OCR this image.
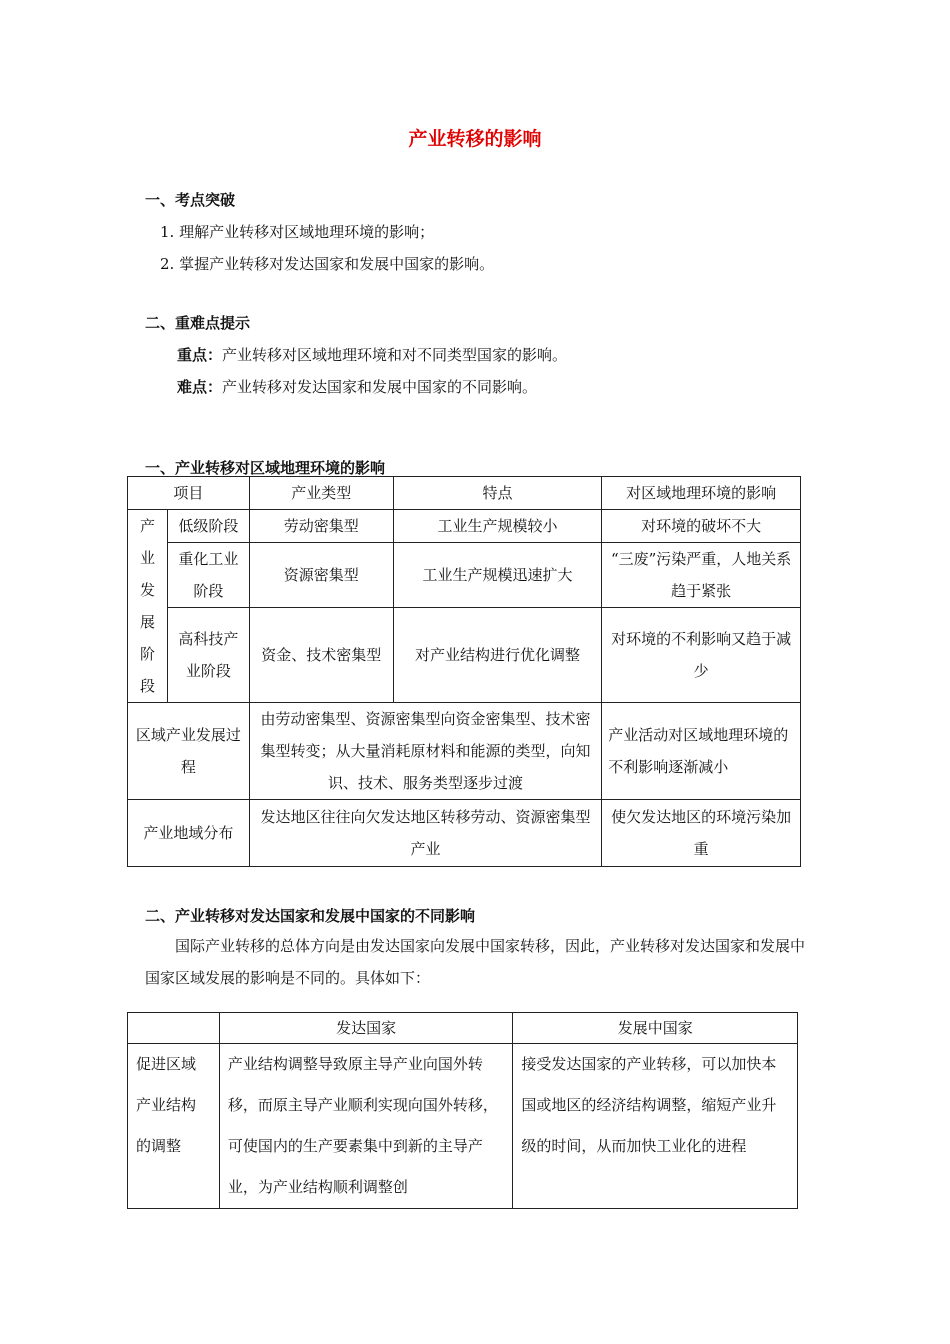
产业转移的影响
一、考点突破
1. 理解产业转移对区域地理环境的影响；
2. 掌握产业转移对发达国家和发展中国家的影响。
二、重难点提示
重点：产业转移对区域地理环境和对不同类型国家的影响。
难点：产业转移对发达国家和发展中国家的不同影响。
一、产业转移对区域地理环境的影响
项目		产业类型	特点	对区域地理环境的影响

产业发展阶段	低级阶段	劳动密集型	工业生产规模较小	对环境的破坏不大
	重化工业阶段	资源密集型	工业生产规模迅速扩大	“三废”污染严重，人地关系趋于紧张
	高科技产业阶段	资金、技术密集型	对产业结构进行优化调整	对环境的不利影响又趋于减少
区域产业发展过程		由劳动密集型、资源密集型向资金密集型、技术密集型转变；从大量消耗原材料和能源的类型，向知识、技术、服务类型逐步过渡		产业活动对区域地理环境的不利影响逐渐减小
产业地域分布		发达地区往往向欠发达地区转移劳动、资源密集型产业		使欠发达地区的环境污染加重
二、产业转移对发达国家和发展中国家的不同影响
国际产业转移的总体方向是由发达国家向发展中国家转移，因此，产业转移对发达国家和发展中国家区域发展的影响是不同的。具体如下：
	发达国家	发展中国家
促进区域产业结构的调整	产业结构调整导致原主导产业向国外转移，而原主导产业顺利实现向国外转移，可使国内的生产要素集中到新的主导产业，为产业结构顺利调整创	接受发达国家的产业转移，可以加快本国或地区的经济结构调整，缩短产业升级的时间，从而加快工业化的进程
